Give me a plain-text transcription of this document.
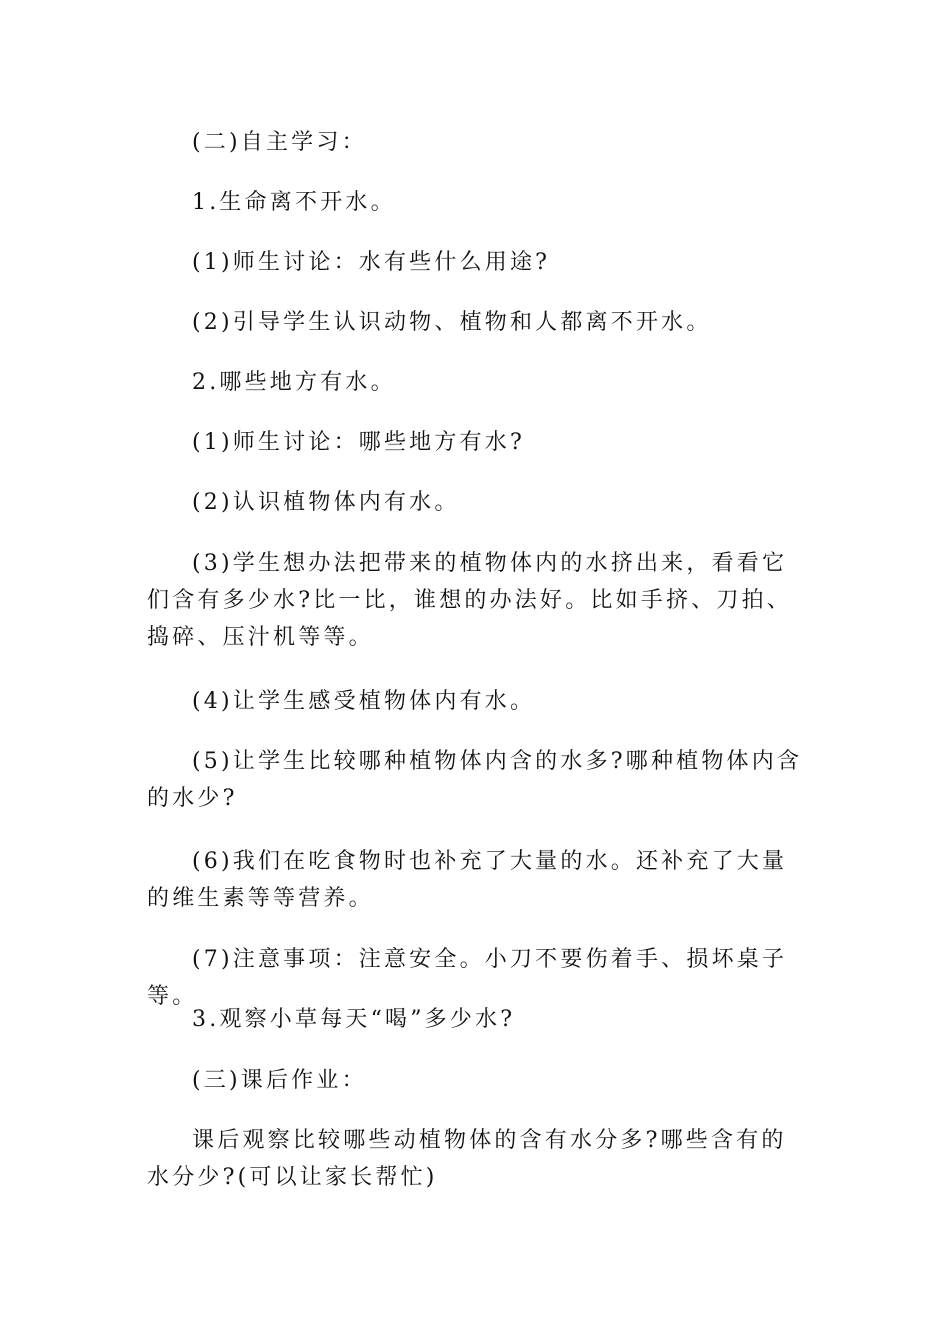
(二)自主学习：

1.生命离不开水。

(1)师生讨论：水有些什么用途?

(2)引导学生认识动物、植物和人都离不开水。

2.哪些地方有水。

(1)师生讨论：哪些地方有水?

(2)认识植物体内有水。

(3)学生想办法把带来的植物体内的水挤出来，看看它们含有多少水?比一比，谁想的办法好。比如手挤、刀拍、捣碎、压汁机等等。

(4)让学生感受植物体内有水。

(5)让学生比较哪种植物体内含的水多?哪种植物体内含的水少?

(6)我们在吃食物时也补充了大量的水。还补充了大量的维生素等等营养。

(7)注意事项：注意安全。小刀不要伤着手、损坏桌子等。

3.观察小草每天“喝”多少水?

(三)课后作业：

课后观察比较哪些动植物体的含有水分多?哪些含有的水分少?(可以让家长帮忙)
